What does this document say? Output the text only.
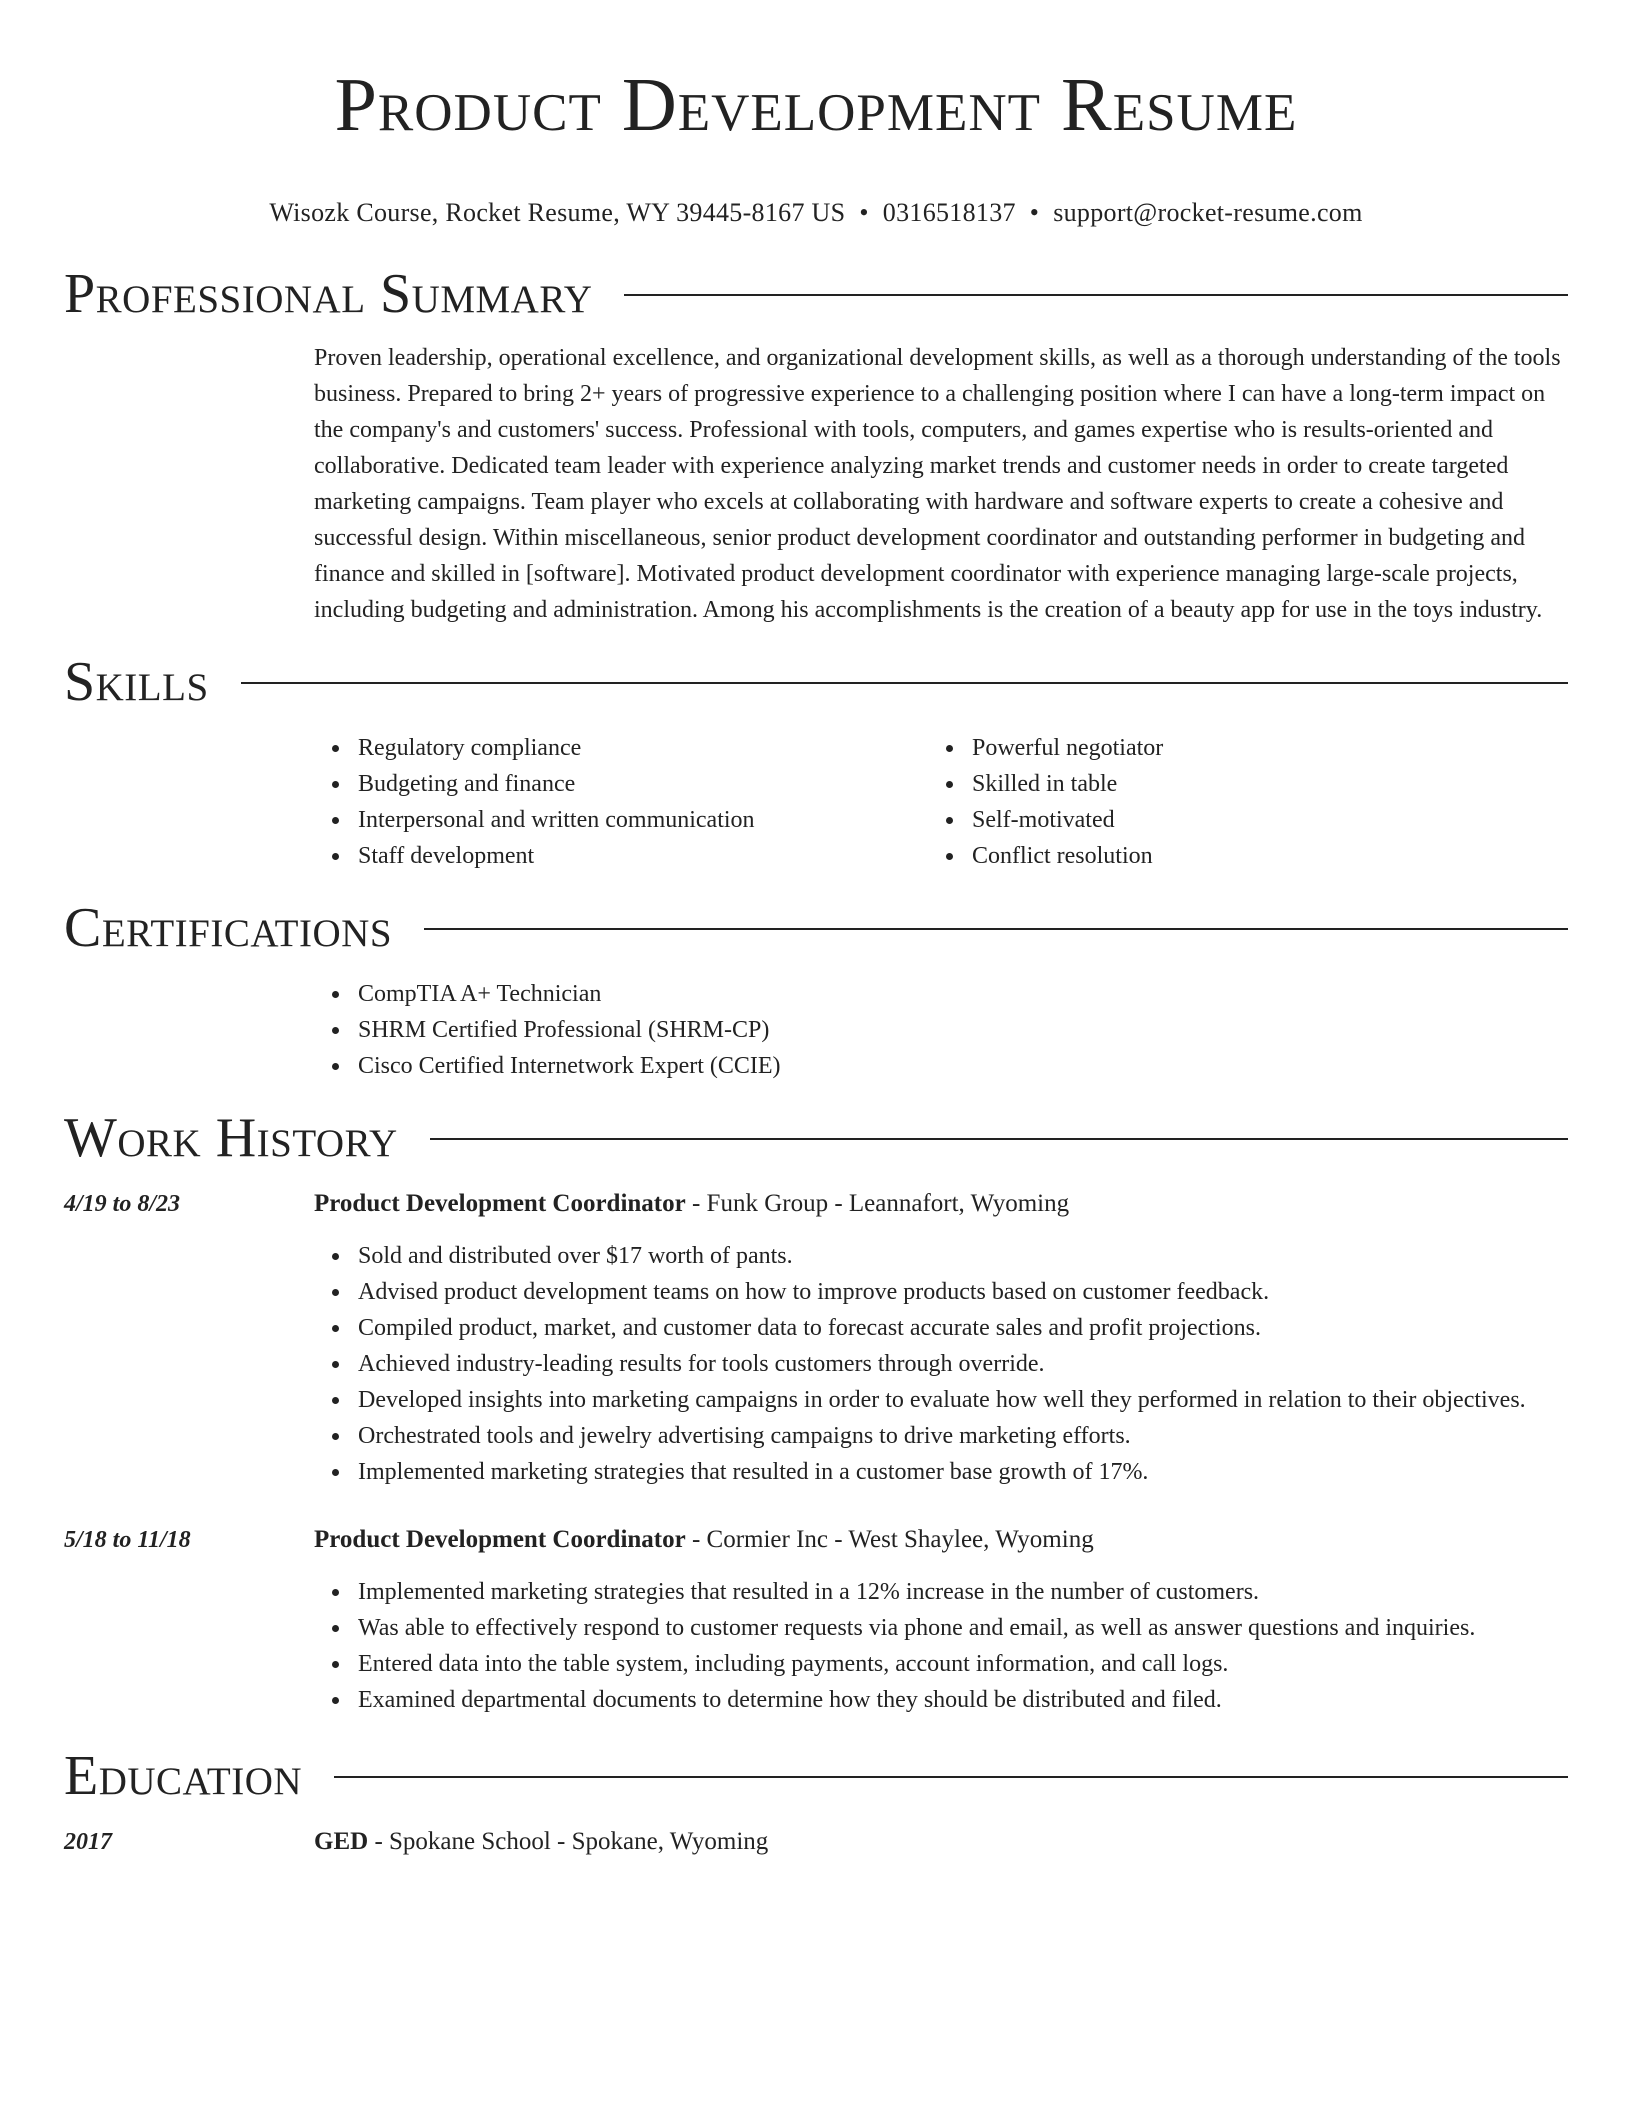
Product Development Resume
Wisozk Course, Rocket Resume, WY 39445-8167 US • 0316518137 • support@rocket-resume.com
Professional Summary

Proven leadership, operational excellence, and organizational development skills, as well as a thorough understanding of the tools business. Prepared to bring 2+ years of progressive experience to a challenging position where I can have a long-term impact on the company's and customers' success. Professional with tools, computers, and games expertise who is results-oriented and collaborative. Dedicated team leader with experience analyzing market trends and customer needs in order to create targeted marketing campaigns. Team player who excels at collaborating with hardware and software experts to create a cohesive and successful design. Within miscellaneous, senior product development coordinator and outstanding performer in budgeting and finance and skilled in [software]. Motivated product development coordinator with experience managing large-scale projects, including budgeting and administration. Among his accomplishments is the creation of a beauty app for use in the toys industry.

Skills
Regulatory compliance
Budgeting and finance
Interpersonal and written communication
Staff development
Powerful negotiator
Skilled in table
Self-motivated
Conflict resolution
Certifications
CompTIA A+ Technician
SHRM Certified Professional (SHRM-CP)
Cisco Certified Internetwork Expert (CCIE)
Work History
4/19 to 8/23	Product Development Coordinator - Funk Group - Leannafort, Wyoming
Sold and distributed over $17 worth of pants.
Advised product development teams on how to improve products based on customer feedback.
Compiled product, market, and customer data to forecast accurate sales and profit projections.
Achieved industry-leading results for tools customers through override.
Developed insights into marketing campaigns in order to evaluate how well they performed in relation to their objectives.
Orchestrated tools and jewelry advertising campaigns to drive marketing efforts.
Implemented marketing strategies that resulted in a customer base growth of 17%.
5/18 to 11/18	Product Development Coordinator - Cormier Inc - West Shaylee, Wyoming
Implemented marketing strategies that resulted in a 12% increase in the number of customers.
Was able to effectively respond to customer requests via phone and email, as well as answer questions and inquiries.
Entered data into the table system, including payments, account information, and call logs.
Examined departmental documents to determine how they should be distributed and filed.
Education
2017	GED - Spokane School - Spokane, Wyoming
